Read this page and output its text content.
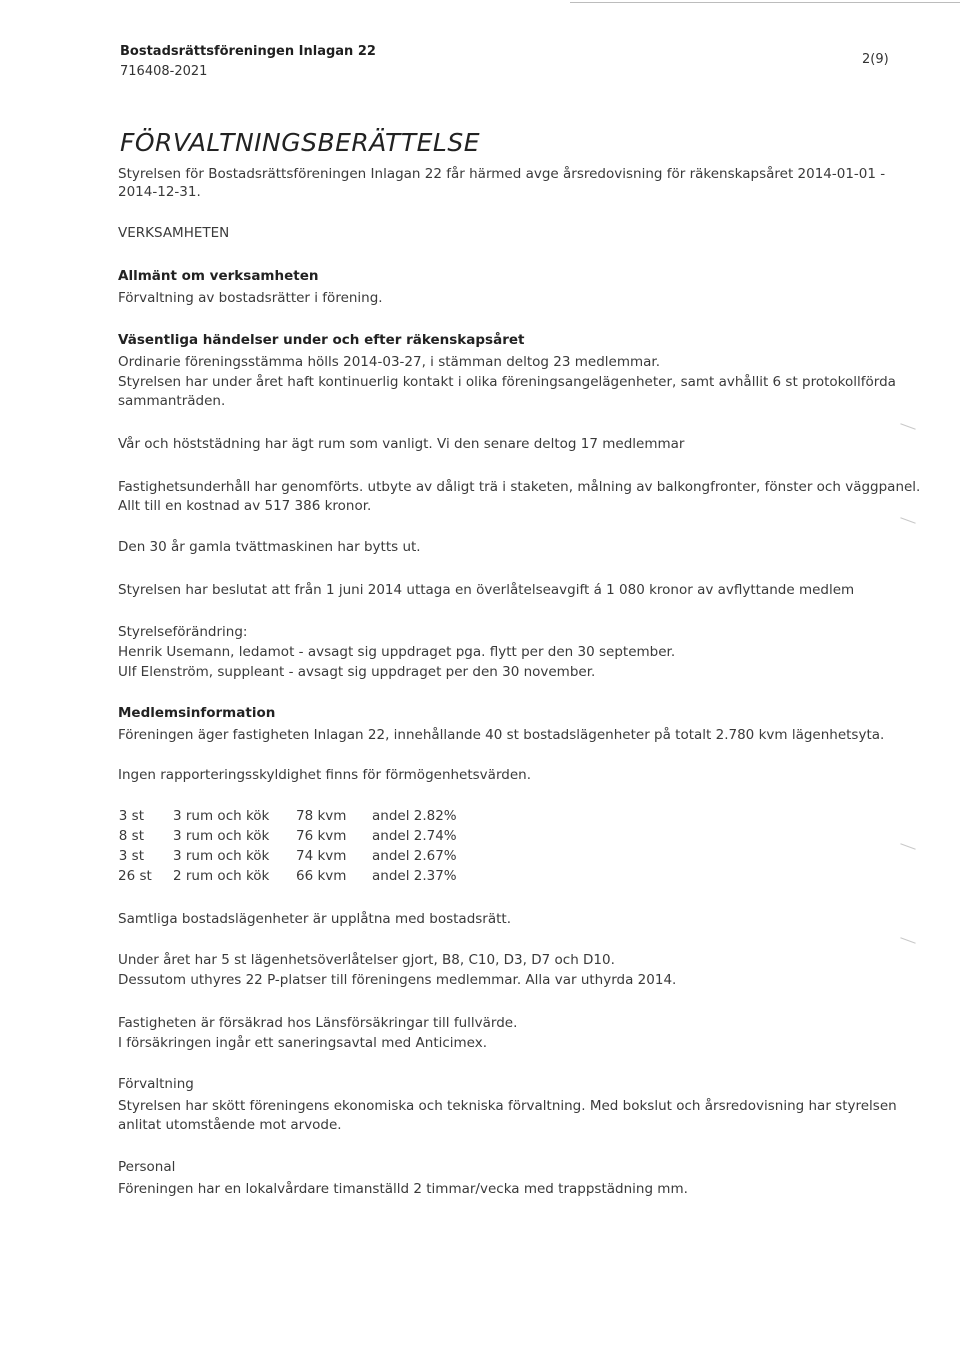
Bostadsrättsföreningen Inlagan 22
716408-2021
2(9)
FÖRVALTNINGSBERÄTTELSE
Styrelsen för Bostadsrättsföreningen Inlagan 22 får härmed avge årsredovisning för räkenskapsåret 2014-01-01 -
2014-12-31.
VERKSAMHETEN
Allmänt om verksamheten
Förvaltning av bostadsrätter i förening.
Väsentliga händelser under och efter räkenskapsåret
Ordinarie föreningsstämma hölls 2014-03-27, i stämman deltog 23 medlemmar.
Styrelsen har under året haft kontinuerlig kontakt i olika föreningsangelägenheter, samt avhållit 6 st protokollförda
sammanträden.
Vår och höststädning har ägt rum som vanligt. Vi den senare deltog 17 medlemmar
Fastighetsunderhåll har genomförts. utbyte av dåligt trä i staketen, målning av balkongfronter, fönster och väggpanel.
Allt till en kostnad av 517 386 kronor.
Den 30 år gamla tvättmaskinen har bytts ut.
Styrelsen har beslutat att från 1 juni 2014 uttaga en överlåtelseavgift á 1 080 kronor av avflyttande medlem
Styrelseförändring:
Henrik Usemann, ledamot - avsagt sig uppdraget pga. flytt per den 30 september.
Ulf Elenström, suppleant - avsagt sig uppdraget per den 30 november.
Medlemsinformation
Föreningen äger fastigheten Inlagan 22, innehållande 40 st bostadslägenheter på totalt 2.780 kvm lägenhetsyta.
Ingen rapporteringsskyldighet finns för förmögenhetsvärden.
3 st 3 rum och kök 78 kvm andel 2.82%
8 st 3 rum och kök 76 kvm andel 2.74%
3 st 3 rum och kök 74 kvm andel 2.67%
26 st 2 rum och kök 66 kvm andel 2.37%
Samtliga bostadslägenheter är upplåtna med bostadsrätt.
Under året har 5 st lägenhetsöverlåtelser gjort, B8, C10, D3, D7 och D10.
Dessutom uthyres 22 P-platser till föreningens medlemmar. Alla var uthyrda 2014.
Fastigheten är försäkrad hos Länsförsäkringar till fullvärde.
I försäkringen ingår ett saneringsavtal med Anticimex.
Förvaltning
Styrelsen har skött föreningens ekonomiska och tekniska förvaltning. Med bokslut och årsredovisning har styrelsen
anlitat utomstående mot arvode.
Personal
Föreningen har en lokalvårdare timanställd 2 timmar/vecka med trappstädning mm.
